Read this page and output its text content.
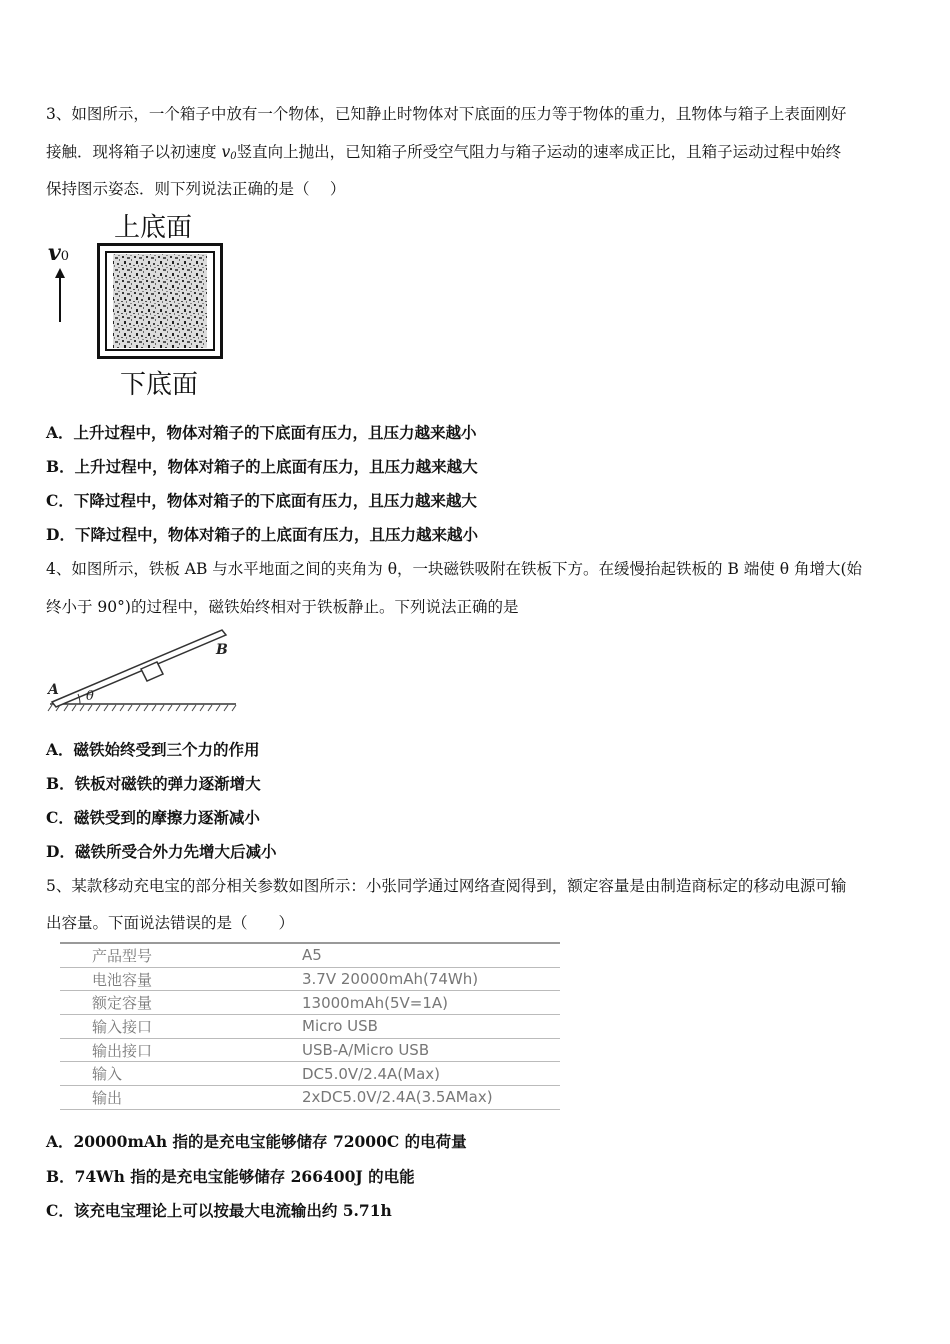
3、如图所示，一个箱子中放有一个物体，已知静止时物体对下底面的压力等于物体的重力，且物体与箱子上表面刚好
接触．现将箱子以初速度 $v_0$竖直向上抛出，已知箱子所受空气阻力与箱子运动的速率成正比，且箱子运动过程中始终
保持图示姿态．则下列说法正确的是（　 ）
上底面
下底面
v0
A．上升过程中，物体对箱子的下底面有压力，且压力越来越小
B．上升过程中，物体对箱子的上底面有压力，且压力越来越大
C．下降过程中，物体对箱子的下底面有压力，且压力越来越大
D．下降过程中，物体对箱子的上底面有压力，且压力越来越小
4、如图所示，铁板 AB 与水平地面之间的夹角为 θ，一块磁铁吸附在铁板下方。在缓慢抬起铁板的 B 端使 θ 角增大(始
终小于 90°)的过程中，磁铁始终相对于铁板静止。下列说法正确的是
A
B
θ
A．磁铁始终受到三个力的作用
B．铁板对磁铁的弹力逐渐增大
C．磁铁受到的摩擦力逐渐减小
D．磁铁所受合外力先增大后减小
5、某款移动充电宝的部分相关参数如图所示：小张同学通过网络查阅得到，额定容量是由制造商标定的移动电源可输
出容量。下面说法错误的是（　　）
产品型号	A5
电池容量	3.7V 20000mAh(74Wh)
额定容量	13000mAh(5V=1A)
输入接口	Micro USB
输出接口	USB-A/Micro USB
输入	DC5.0V/2.4A(Max)
输出	2xDC5.0V/2.4A(3.5AMax)
A．20000mAh 指的是充电宝能够储存 72000C 的电荷量
B．74Wh 指的是充电宝能够储存 266400J 的电能
C．该充电宝理论上可以按最大电流输出约 5.71h
